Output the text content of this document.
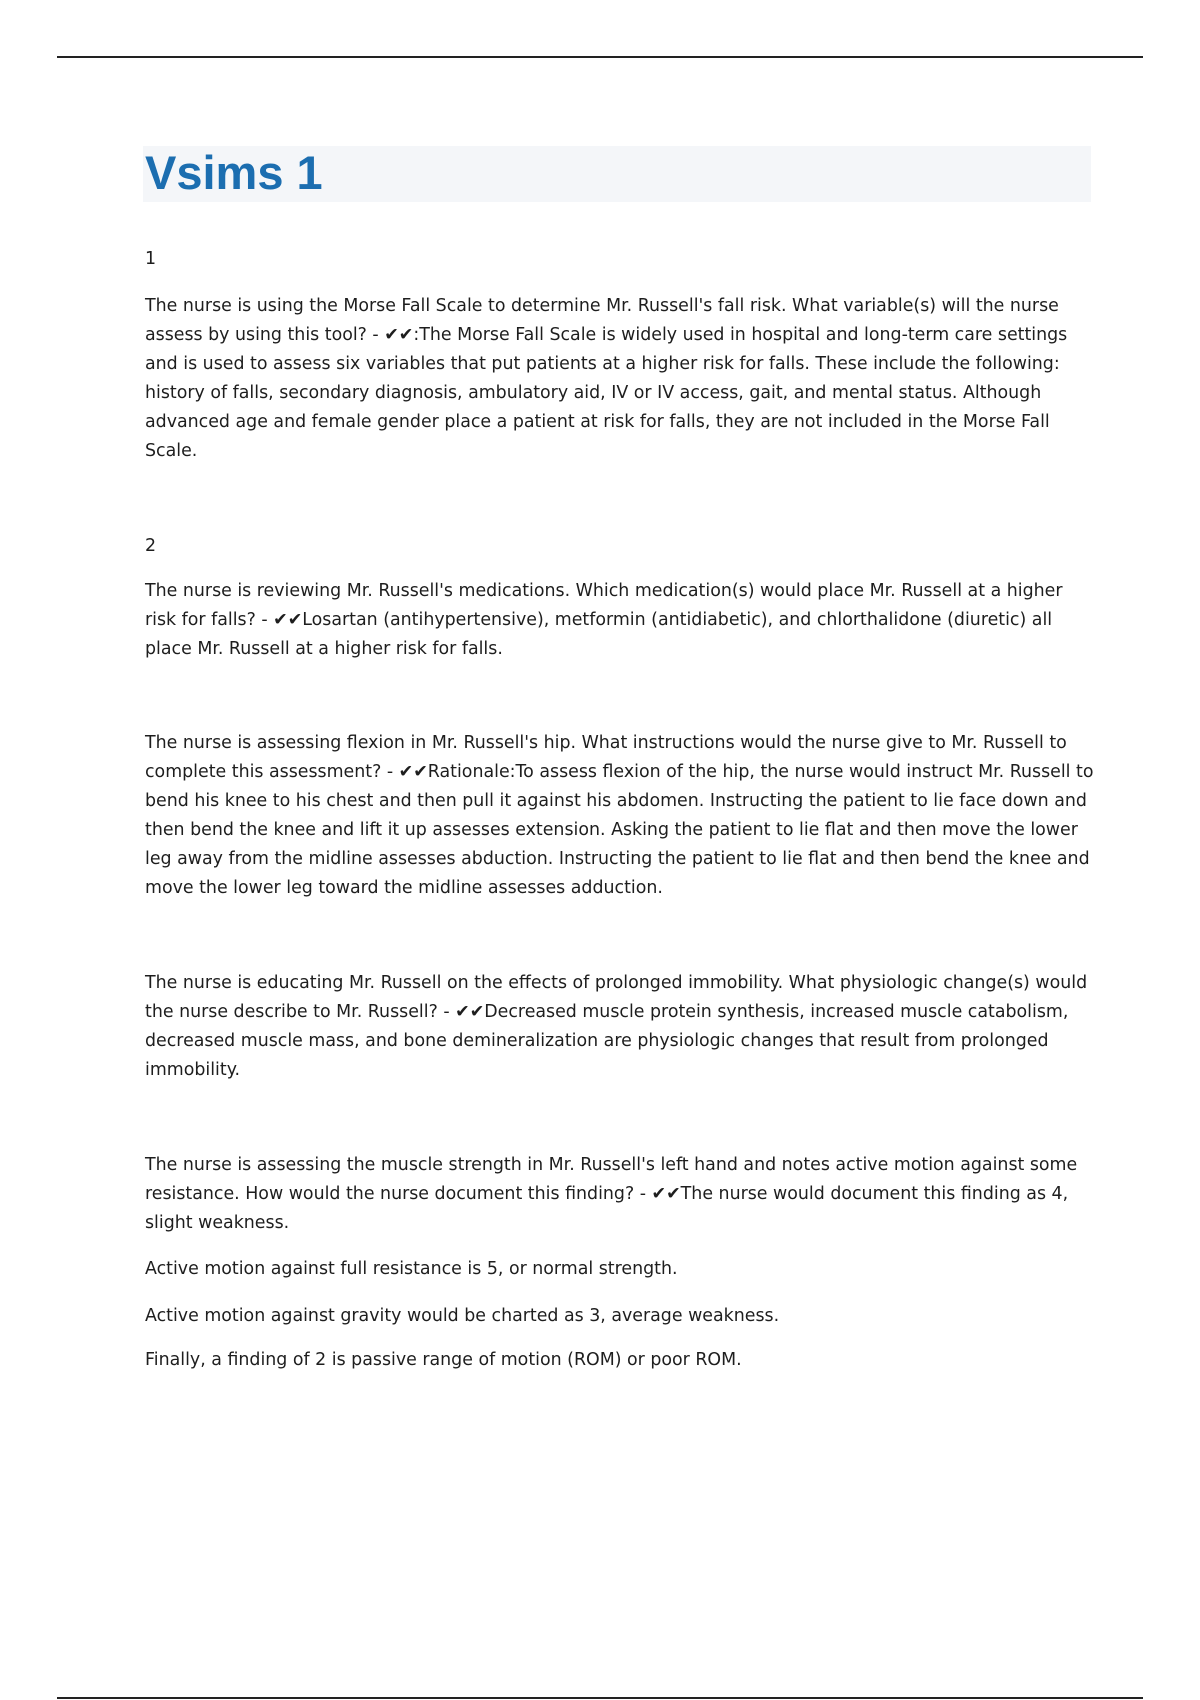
Vsims 1

1

The nurse is using the Morse Fall Scale to determine Mr. Russell's fall risk. What variable(s) will the nurse assess by using this tool? - ✔✔:The Morse Fall Scale is widely used in hospital and long-term care settings and is used to assess six variables that put patients at a higher risk for falls. These include the following: history of falls, secondary diagnosis, ambulatory aid, IV or IV access, gait, and mental status. Although advanced age and female gender place a patient at risk for falls, they are not included in the Morse Fall Scale.

2

The nurse is reviewing Mr. Russell's medications. Which medication(s) would place Mr. Russell at a higher risk for falls? - ✔✔Losartan (antihypertensive), metformin (antidiabetic), and chlorthalidone (diuretic) all place Mr. Russell at a higher risk for falls.

The nurse is assessing flexion in Mr. Russell's hip. What instructions would the nurse give to Mr. Russell to complete this assessment? - ✔✔Rationale:To assess flexion of the hip, the nurse would instruct Mr. Russell to bend his knee to his chest and then pull it against his abdomen. Instructing the patient to lie face down and then bend the knee and lift it up assesses extension. Asking the patient to lie flat and then move the lower leg away from the midline assesses abduction. Instructing the patient to lie flat and then bend the knee and move the lower leg toward the midline assesses adduction.

The nurse is educating Mr. Russell on the effects of prolonged immobility. What physiologic change(s) would the nurse describe to Mr. Russell? - ✔✔Decreased muscle protein synthesis, increased muscle catabolism, decreased muscle mass, and bone demineralization are physiologic changes that result from prolonged immobility.

The nurse is assessing the muscle strength in Mr. Russell's left hand and notes active motion against some resistance. How would the nurse document this finding? - ✔✔The nurse would document this finding as 4, slight weakness.

Active motion against full resistance is 5, or normal strength.

Active motion against gravity would be charted as 3, average weakness.

Finally, a finding of 2 is passive range of motion (ROM) or poor ROM.
